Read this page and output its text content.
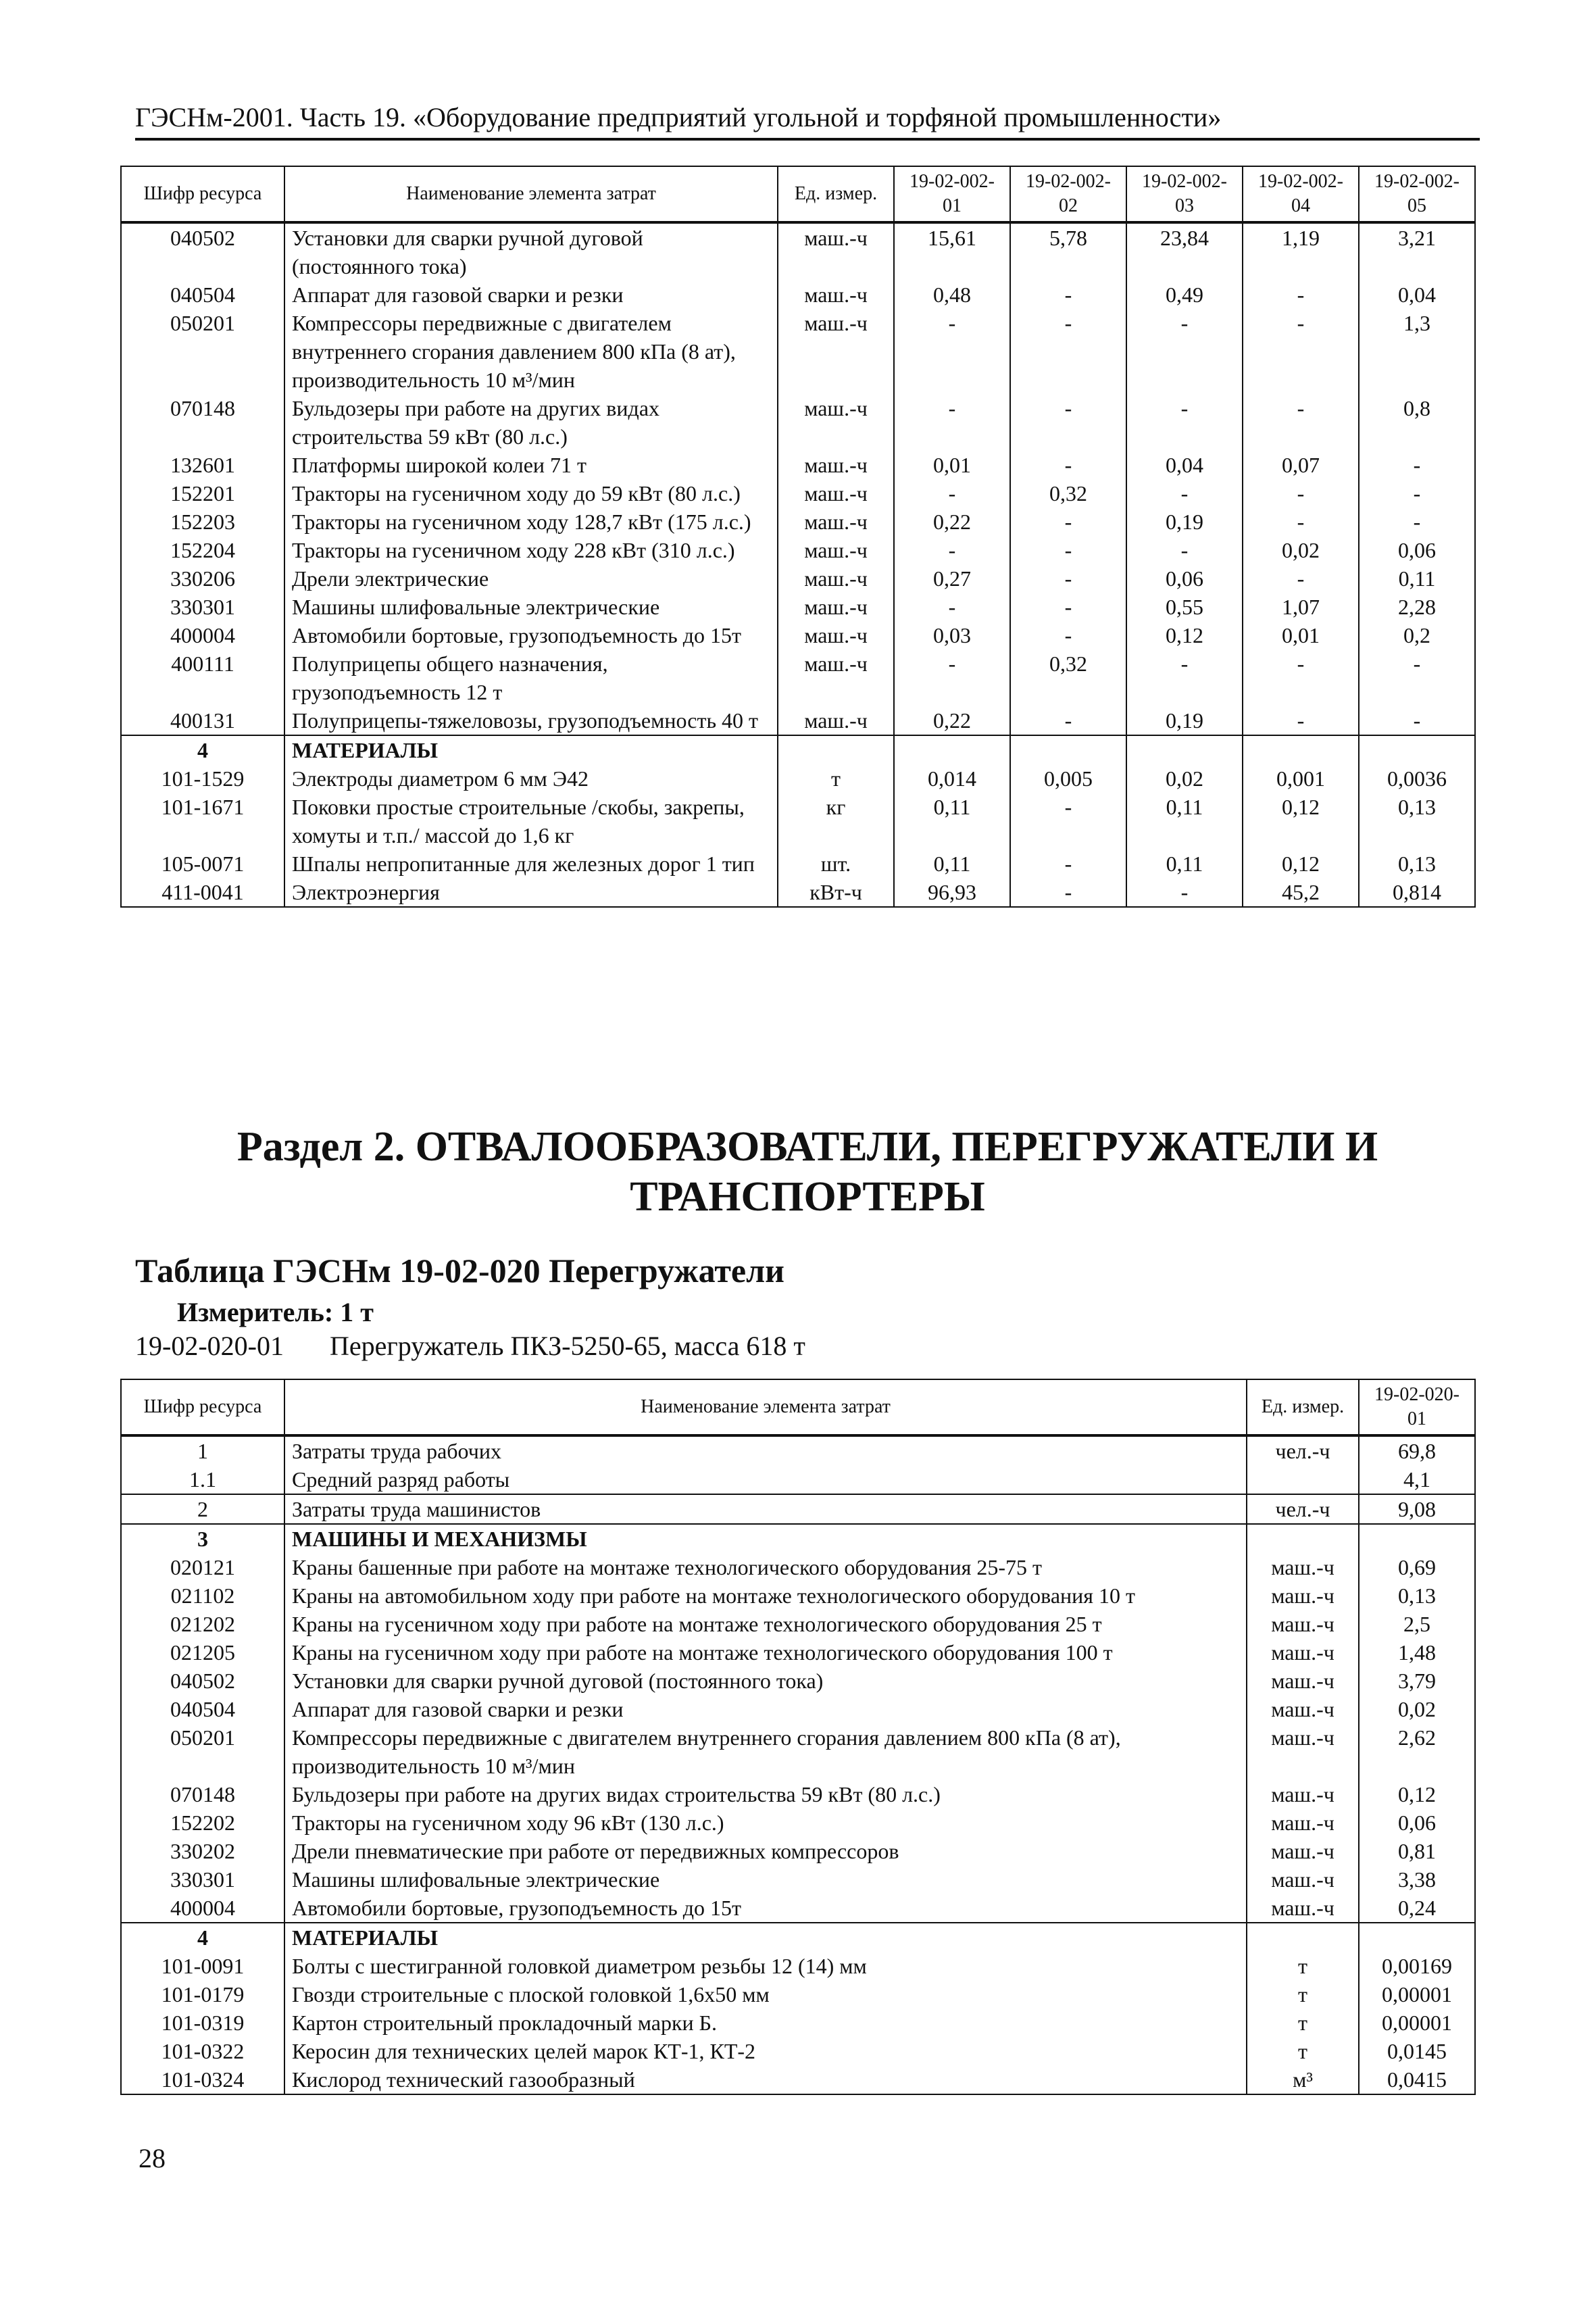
ГЭСНм-2001. Часть 19. «Оборудование предприятий угольной и торфяной промышленности»
Шифр ресурса	Наименование элемента затрат	Ед. измер.	19-02-002-01	19-02-002-02	19-02-002-03	19-02-002-04	19-02-002-05
040502	Установки для сварки ручной дуговой (постоянного тока)	маш.-ч	15,61	5,78	23,84	1,19	3,21
040504	Аппарат для газовой сварки и резки	маш.-ч	0,48	-	0,49	-	0,04
050201	Компрессоры передвижные с двигателем внутреннего сгорания давлением 800 кПа (8 ат), производительность 10 м³/мин	маш.-ч	-	-	-	-	1,3
070148	Бульдозеры при работе на других видах строительства 59 кВт (80 л.с.)	маш.-ч	-	-	-	-	0,8
132601	Платформы широкой колеи 71 т	маш.-ч	0,01	-	0,04	0,07	-
152201	Тракторы на гусеничном ходу до 59 кВт (80 л.с.)	маш.-ч	-	0,32	-	-	-
152203	Тракторы на гусеничном ходу 128,7 кВт (175 л.с.)	маш.-ч	0,22	-	0,19	-	-
152204	Тракторы на гусеничном ходу 228 кВт (310 л.с.)	маш.-ч	-	-	-	0,02	0,06
330206	Дрели электрические	маш.-ч	0,27	-	0,06	-	0,11
330301	Машины шлифовальные электрические	маш.-ч	-	-	0,55	1,07	2,28
400004	Автомобили бортовые, грузоподъемность до 15т	маш.-ч	0,03	-	0,12	0,01	0,2
400111	Полуприцепы общего назначения, грузоподъемность 12 т	маш.-ч	-	0,32	-	-	-
400131	Полуприцепы-тяжеловозы, грузоподъемность 40 т	маш.-ч	0,22	-	0,19	-	-
4	МАТЕРИАЛЫ						
101-1529	Электроды диаметром 6 мм Э42	т	0,014	0,005	0,02	0,001	0,0036
101-1671	Поковки простые строительные /скобы, закрепы, хомуты и т.п./ массой до 1,6 кг	кг	0,11	-	0,11	0,12	0,13
105-0071	Шпалы непропитанные для железных дорог 1 тип	шт.	0,11	-	0,11	0,12	0,13
411-0041	Электроэнергия	кВт-ч	96,93	-	-	45,2	0,814
Раздел 2. ОТВАЛООБРАЗОВАТЕЛИ, ПЕРЕГРУЖАТЕЛИ И ТРАНСПОРТЕРЫ
Таблица ГЭСНм 19-02-020 Перегружатели
Измеритель: 1 т
19-02-020-01 Перегружатель ПКЗ-5250-65, масса 618 т
Шифр ресурса	Наименование элемента затрат	Ед. измер.	19-02-020-01
1	Затраты труда рабочих	чел.-ч	69,8
1.1	Средний разряд работы		4,1
2	Затраты труда машинистов	чел.-ч	9,08
3	МАШИНЫ И МЕХАНИЗМЫ		
020121	Краны башенные при работе на монтаже технологического оборудования 25-75 т	маш.-ч	0,69
021102	Краны на автомобильном ходу при работе на монтаже технологического оборудования 10 т	маш.-ч	0,13
021202	Краны на гусеничном ходу при работе на монтаже технологического оборудования 25 т	маш.-ч	2,5
021205	Краны на гусеничном ходу при работе на монтаже технологического оборудования 100 т	маш.-ч	1,48
040502	Установки для сварки ручной дуговой (постоянного тока)	маш.-ч	3,79
040504	Аппарат для газовой сварки и резки	маш.-ч	0,02
050201	Компрессоры передвижные с двигателем внутреннего сгорания давлением 800 кПа (8 ат), производительность 10 м³/мин	маш.-ч	2,62
070148	Бульдозеры при работе на других видах строительства 59 кВт (80 л.с.)	маш.-ч	0,12
152202	Тракторы на гусеничном ходу 96 кВт (130 л.с.)	маш.-ч	0,06
330202	Дрели пневматические при работе от передвижных компрессоров	маш.-ч	0,81
330301	Машины шлифовальные электрические	маш.-ч	3,38
400004	Автомобили бортовые, грузоподъемность до 15т	маш.-ч	0,24
4	МАТЕРИАЛЫ		
101-0091	Болты с шестигранной головкой диаметром резьбы 12 (14) мм	т	0,00169
101-0179	Гвозди строительные с плоской головкой 1,6х50 мм	т	0,00001
101-0319	Картон строительный прокладочный марки Б.	т	0,00001
101-0322	Керосин для технических целей марок КТ-1, КТ-2	т	0,0145
101-0324	Кислород технический газообразный	м³	0,0415
28
